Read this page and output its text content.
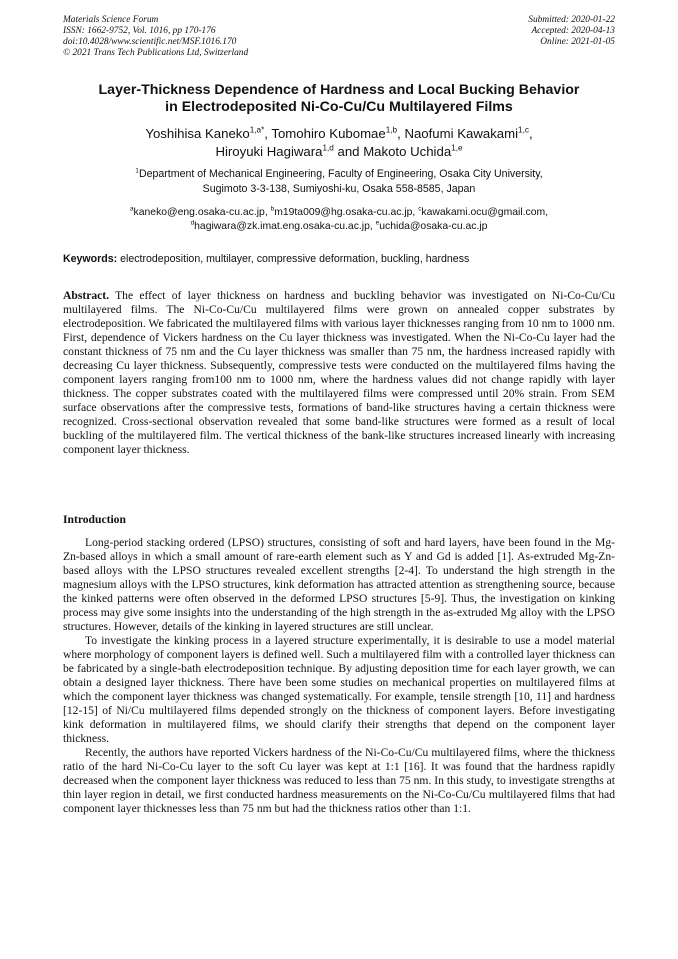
Materials Science Forum
ISSN: 1662-9752, Vol. 1016, pp 170-176
doi:10.4028/www.scientific.net/MSF.1016.170
© 2021 Trans Tech Publications Ltd, Switzerland
Submitted: 2020-01-22
Accepted: 2020-04-13
Online: 2021-01-05
Layer-Thickness Dependence of Hardness and Local Bucking Behavior
in Electrodeposited Ni-Co-Cu/Cu Multilayered Films
Yoshihisa Kaneko$^{1,a*}$, Tomohiro Kubomae$^{1,b}$, Naofumi Kawakami$^{1,c}$,
Hiroyuki Hagiwara$^{1,d}$ and Makoto Uchida$^{1,e}$
$^1$Department of Mechanical Engineering, Faculty of Engineering, Osaka City University,
Sugimoto 3-3-138, Sumiyoshi-ku, Osaka 558-8585, Japan
$^a$kaneko@eng.osaka-cu.ac.jp, $^b$m19ta009@hg.osaka-cu.ac.jp, $^c$kawakami.ocu@gmail.com,
$^d$hagiwara@zk.imat.eng.osaka-cu.ac.jp, $^e$uchida@osaka-cu.ac.jp
Keywords: electrodeposition, multilayer, compressive deformation, buckling, hardness
Abstract. The effect of layer thickness on hardness and buckling behavior was investigated on Ni-Co-Cu/Cu multilayered films. The Ni-Co-Cu/Cu multilayered films were grown on annealed copper substrates by electrodeposition. We fabricated the multilayered films with various layer thicknesses ranging from 10 nm to 1000 nm. First, dependence of Vickers hardness on the Cu layer thickness was investigated. When the Ni-Co-Cu layer had the constant thickness of 75 nm and the Cu layer thickness was smaller than 75 nm, the hardness increased rapidly with decreasing Cu layer thickness. Subsequently, compressive tests were conducted on the multilayered films having the component layers ranging from100 nm to 1000 nm, where the hardness values did not change rapidly with layer thickness. The copper substrates coated with the multilayered films were compressed until 20% strain. From SEM surface observations after the compressive tests, formations of band-like structures having a certain thickness were recognized. Cross-sectional observation revealed that some band-like structures were formed as a result of local buckling of the multilayered film. The vertical thickness of the bank-like structures increased linearly with increasing component layer thickness.
Introduction

Long-period stacking ordered (LPSO) structures, consisting of soft and hard layers, have been found in the Mg-Zn-based alloys in which a small amount of rare-earth element such as Y and Gd is added [1]. As-extruded Mg-Zn-based alloys with the LPSO structures revealed excellent strengths [2-4]. To understand the high strength in the magnesium alloys with the LPSO structures, kink deformation has attracted attention as strengthening source, because the kinked patterns were often observed in the deformed LPSO structures [5-9]. Thus, the investigation on kinking process may give some insights into the understanding of the high strength in the as-extruded Mg alloy with the LPSO structures. However, details of the kinking in layered structures are still unclear.

To investigate the kinking process in a layered structure experimentally, it is desirable to use a model material where morphology of component layers is defined well. Such a multilayered film with a controlled layer thickness can be fabricated by a single-bath electrodeposition technique. By adjusting deposition time for each layer growth, we can obtain a designed layer thickness. There have been some studies on mechanical properties on multilayered films at which the component layer thickness was changed systematically. For example, tensile strength [10, 11] and hardness [12-15] of Ni/Cu multilayered films depended strongly on the thickness of component layers. Before investigating kink deformation in multilayered films, we should clarify their strengths that depend on the component layer thickness.

Recently, the authors have reported Vickers hardness of the Ni-Co-Cu/Cu multilayered films, where the thickness ratio of the hard Ni-Co-Cu layer to the soft Cu layer was kept at 1:1 [16]. It was found that the hardness rapidly decreased when the component layer thickness was reduced to less than 75 nm. In this study, to investigate strengths at thin layer region in detail, we first conducted hardness measurements on the Ni-Co-Cu/Cu multilayered films that had component layer thicknesses less than 75 nm but had the thickness ratios other than 1:1.
